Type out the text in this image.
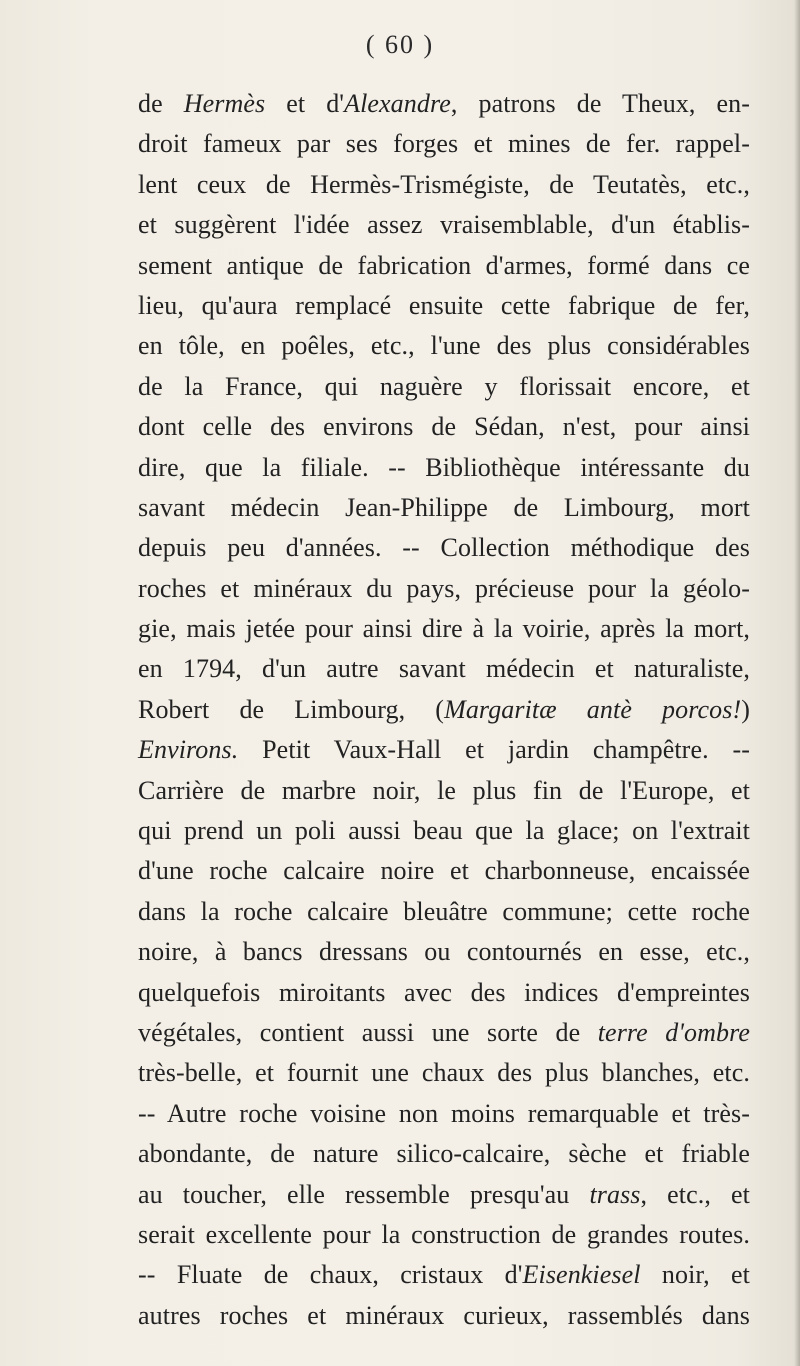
( 60 )
de Hermès et d'Alexandre, patrons de Theux, en-
droit fameux par ses forges et mines de fer. rappel-
lent ceux de Hermès-Trismégiste, de Teutatès, etc.,
et suggèrent l'idée assez vraisemblable, d'un établis-
sement antique de fabrication d'armes, formé dans ce
lieu, qu'aura remplacé ensuite cette fabrique de fer,
en tôle, en poêles, etc., l'une des plus considérables
de la France, qui naguère y florissait encore, et
dont celle des environs de Sédan, n'est, pour ainsi
dire, que la filiale. -- Bibliothèque intéressante du
savant médecin Jean-Philippe de Limbourg, mort
depuis peu d'années. -- Collection méthodique des
roches et minéraux du pays, précieuse pour la géolo-
gie, mais jetée pour ainsi dire à la voirie, après la mort,
en 1794, d'un autre savant médecin et naturaliste,
Robert de Limbourg, (Margaritæ antè porcos!)
Environs. Petit Vaux-Hall et jardin champêtre. --
Carrière de marbre noir, le plus fin de l'Europe, et
qui prend un poli aussi beau que la glace; on l'extrait
d'une roche calcaire noire et charbonneuse, encaissée
dans la roche calcaire bleuâtre commune; cette roche
noire, à bancs dressans ou contournés en esse, etc.,
quelquefois miroitants avec des indices d'empreintes
végétales, contient aussi une sorte de terre d'ombre
très-belle, et fournit une chaux des plus blanches, etc.
-- Autre roche voisine non moins remarquable et très-
abondante, de nature silico-calcaire, sèche et friable
au toucher, elle ressemble presqu'au trass, etc., et
serait excellente pour la construction de grandes routes.
-- Fluate de chaux, cristaux d'Eisenkiesel noir, et
autres roches et minéraux curieux, rassemblés dans
